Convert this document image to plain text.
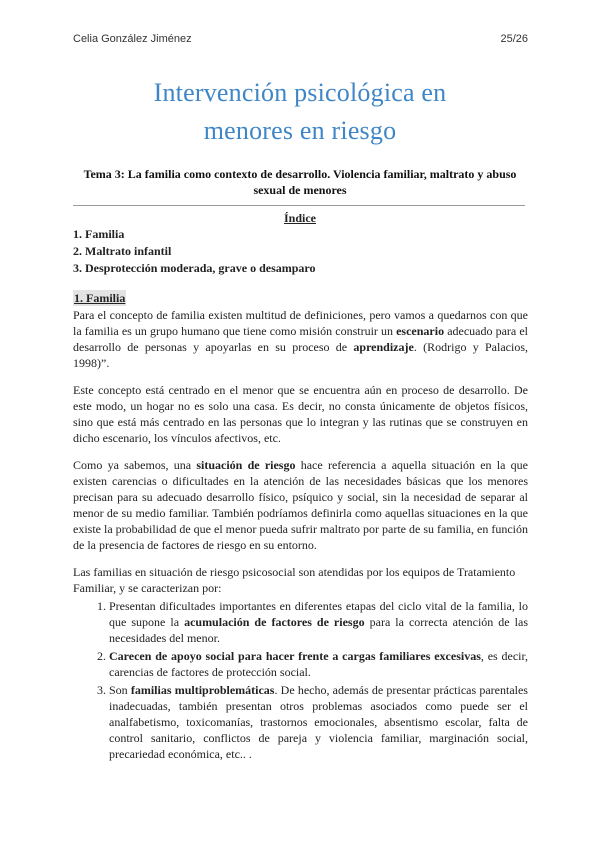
Celia González Jiménez	25/26
Intervención psicológica en
menores en riesgo
Tema 3: La familia como contexto de desarrollo. Violencia familiar, maltrato y abuso sexual de menores
Índice
1. Familia
2. Maltrato infantil
3. Desprotección moderada, grave o desamparo
1. Familia

Para el concepto de familia existen multitud de definiciones, pero vamos a quedarnos con que la familia es un grupo humano que tiene como misión construir un escenario adecuado para el desarrollo de personas y apoyarlas en su proceso de aprendizaje. (Rodrigo y Palacios, 1998)”.

Este concepto está centrado en el menor que se encuentra aún en proceso de desarrollo. De este modo, un hogar no es solo una casa. Es decir, no consta únicamente de objetos físicos, sino que está más centrado en las personas que lo integran y las rutinas que se construyen en dicho escenario, los vínculos afectivos, etc.

Como ya sabemos, una situación de riesgo hace referencia a aquella situación en la que existen carencias o dificultades en la atención de las necesidades básicas que los menores precisan para su adecuado desarrollo físico, psíquico y social, sin la necesidad de separar al menor de su medio familiar. También podríamos definirla como aquellas situaciones en la que existe la probabilidad de que el menor pueda sufrir maltrato por parte de su familia, en función de la presencia de factores de riesgo en su entorno.

Las familias en situación de riesgo psicosocial son atendidas por los equipos de Tratamiento Familiar, y se caracterizan por:

1. Presentan dificultades importantes en diferentes etapas del ciclo vital de la familia, lo que supone la acumulación de factores de riesgo para la correcta atención de las necesidades del menor.
2. Carecen de apoyo social para hacer frente a cargas familiares excesivas, es decir, carencias de factores de protección social.
3. Son familias multiproblemáticas. De hecho, además de presentar prácticas parentales inadecuadas, también presentan otros problemas asociados como puede ser el analfabetismo, toxicomanías, trastornos emocionales, absentismo escolar, falta de control sanitario, conflictos de pareja y violencia familiar, marginación social, precariedad económica, etc.. .
